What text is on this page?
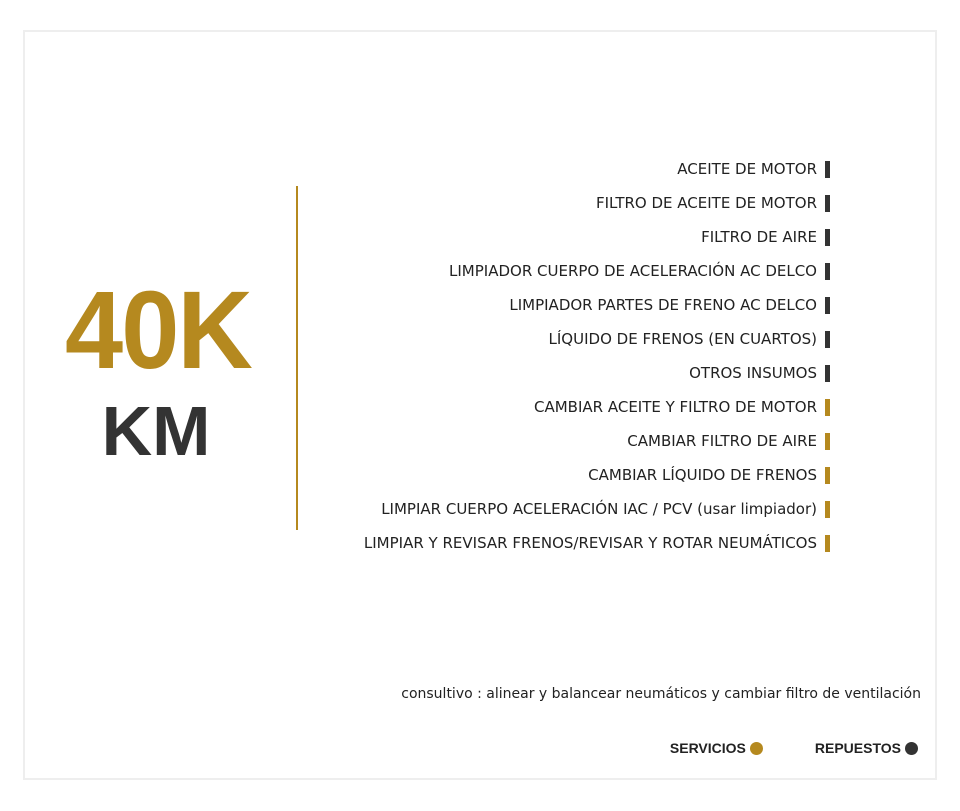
40K
KM
ACEITE DE MOTOR
FILTRO DE ACEITE DE MOTOR
FILTRO DE AIRE
LIMPIADOR CUERPO DE ACELERACIÓN AC DELCO
LIMPIADOR PARTES DE FRENO AC DELCO
LÍQUIDO DE FRENOS (EN CUARTOS)
OTROS INSUMOS
CAMBIAR ACEITE Y FILTRO DE MOTOR
CAMBIAR FILTRO DE AIRE
CAMBIAR LÍQUIDO DE FRENOS
LIMPIAR CUERPO ACELERACIÓN IAC / PCV (usar limpiador)
LIMPIAR Y REVISAR FRENOS/REVISAR Y ROTAR NEUMÁTICOS
consultivo : alinear y balancear neumáticos y cambiar filtro de ventilación
SERVICIOS	REPUESTOS
